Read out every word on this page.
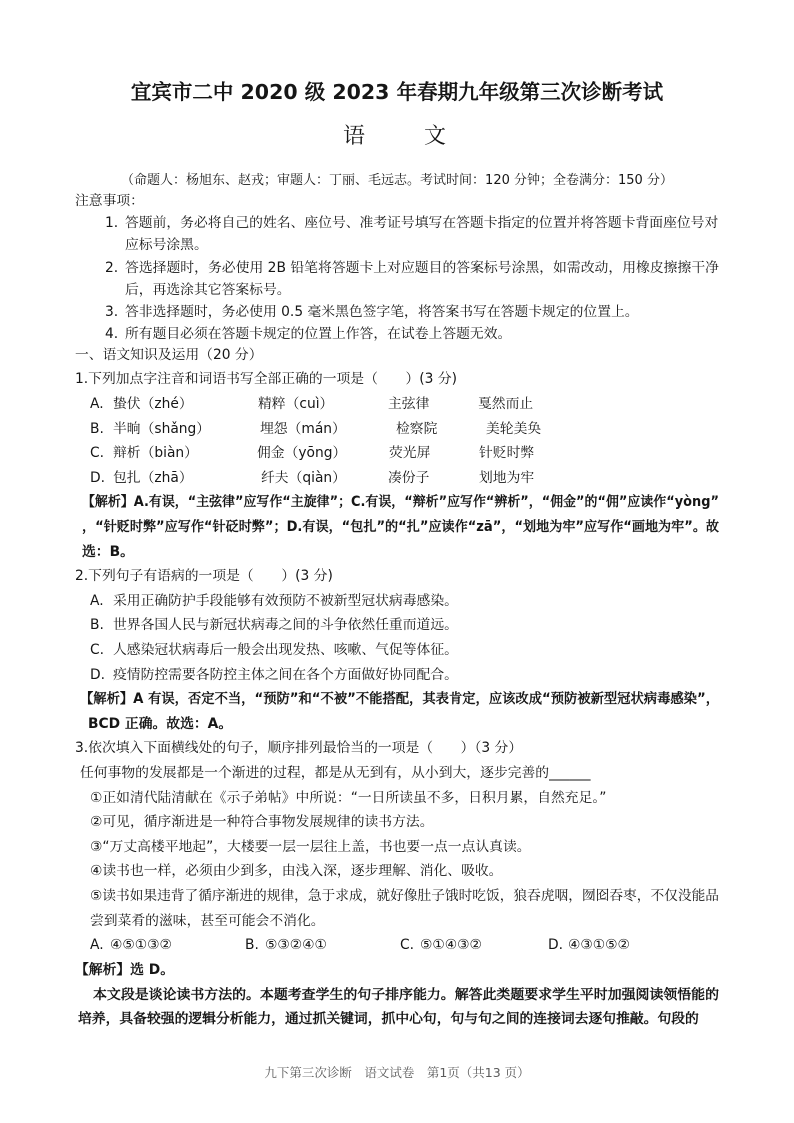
宜宾市二中 2020 级 2023 年春期九年级第三次诊断考试
语　　文
（命题人：杨旭东、赵戎；审题人：丁丽、毛远志。考试时间：120 分钟；全卷满分：150 分）
注意事项：
1. 答题前，务必将自己的姓名、座位号、准考证号填写在答题卡指定的位置并将答题卡背面座位号对
应标号涂黑。
2. 答选择题时，务必使用 2B 铅笔将答题卡上对应题目的答案标号涂黑，如需改动，用橡皮擦擦干净
后，再选涂其它答案标号。
3. 答非选择题时，务必使用 0.5 毫米黑色签字笔，将答案书写在答题卡规定的位置上。
4. 所有题目必须在答题卡规定的位置上作答，在试卷上答题无效。
一、语文知识及运用（20 分）
1.下列加点字注音和词语书写全部正确的一项是（　　）(3 分)
A. 蛰伏（zhé）	精粹（cuì）	主弦律	戛然而止
B. 半晌（shǎng）	埋怨（mán）	检察院	美轮美奂
C. 辩析（biàn）	佣金（yōng）	荧光屏	针贬时弊
D. 包扎（zhā）	纤夫（qiàn）	凑份子	划地为牢
【解析】A.有误，“主弦律”应写作“主旋律”；C.有误，“辩析”应写作“辨析”，“佣金”的“佣”应读作“yòng”
，“针贬时弊”应写作“针砭时弊”；D.有误，“包扎”的“扎”应读作“zā”，“划地为牢”应写作“画地为牢”。故
选：B。
2.下列句子有语病的一项是（　　）(3 分)
A. 采用正确防护手段能够有效预防不被新型冠状病毒感染。
B. 世界各国人民与新冠状病毒之间的斗争依然任重而道远。
C. 人感染冠状病毒后一般会出现发热、咳嗽、气促等体征。
D. 疫情防控需要各防控主体之间在各个方面做好协同配合。
【解析】A 有误，否定不当，“预防”和“不被”不能搭配，其表肯定，应该改成“预防被新型冠状病毒感染”，
BCD 正确。故选：A。
3.依次填入下面横线处的句子，顺序排列最恰当的一项是（　　）（3 分）
任何事物的发展都是一个渐进的过程，都是从无到有，从小到大，逐步完善的______
①正如清代陆清献在《示子弟帖》中所说：“一日所读虽不多，日积月累，自然充足。”
②可见，循序渐进是一种符合事物发展规律的读书方法。
③“万丈高楼平地起”，大楼要一层一层往上盖，书也要一点一点认真读。
④读书也一样，必须由少到多，由浅入深，逐步理解、消化、吸收。
⑤读书如果违背了循序渐进的规律，急于求成，就好像肚子饿时吃饭，狼吞虎咽，囫囵吞枣，不仅没能品
尝到菜肴的滋味，甚至可能会不消化。
A. ④⑤①③②	B. ⑤③②④①	C. ⑤①④③②	D. ④③①⑤②
【解析】选 D。
本文段是谈论读书方法的。本题考查学生的句子排序能力。解答此类题要求学生平时加强阅读领悟能的
培养，具备较强的逻辑分析能力，通过抓关键词，抓中心句，句与句之间的连接词去逐句推敲。句段的
九下第三次诊断　语文试卷　第1页（共13 页）
